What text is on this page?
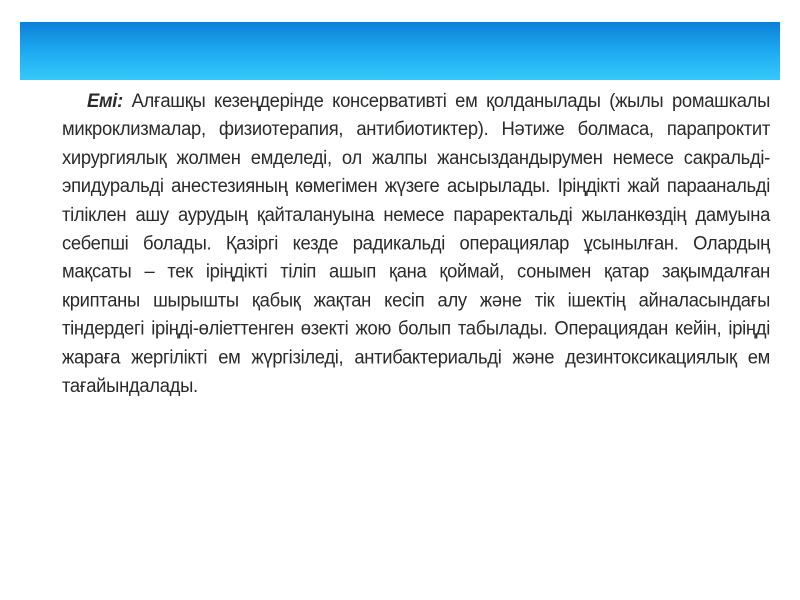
Емі: Алғашқы кезеңдерінде консервативті ем қолданылады (жылы ромашкалы микроклизмалар, физиотерапия, антибиотиктер). Нәтиже болмаса, парапроктит хирургиялық жолмен емделеді, ол жалпы жансыздандырумен немесе сакральді-эпидуральді анестезияның көмегімен жүзеге асырылады. Іріңдікті жай параанальді тіліклен ашу аурудың қайталануына немесе параректальді жыланкөздің дамуына себепші болады. Қазіргі кезде радикальді операциялар ұсынылған. Олардың мақсаты – тек іріңдікті тіліп ашып қана қоймай, сонымен қатар зақымдалған криптаны шырышты қабық жақтан кесіп алу және тік ішектің айналасындағы тіндердегі іріңді-өліеттенген өзекті жою болып табылады. Операциядан кейін, іріңді жараға жергілікті ем жүргізіледі, антибактериальді және дезинтоксикациялық ем тағайындалады.
